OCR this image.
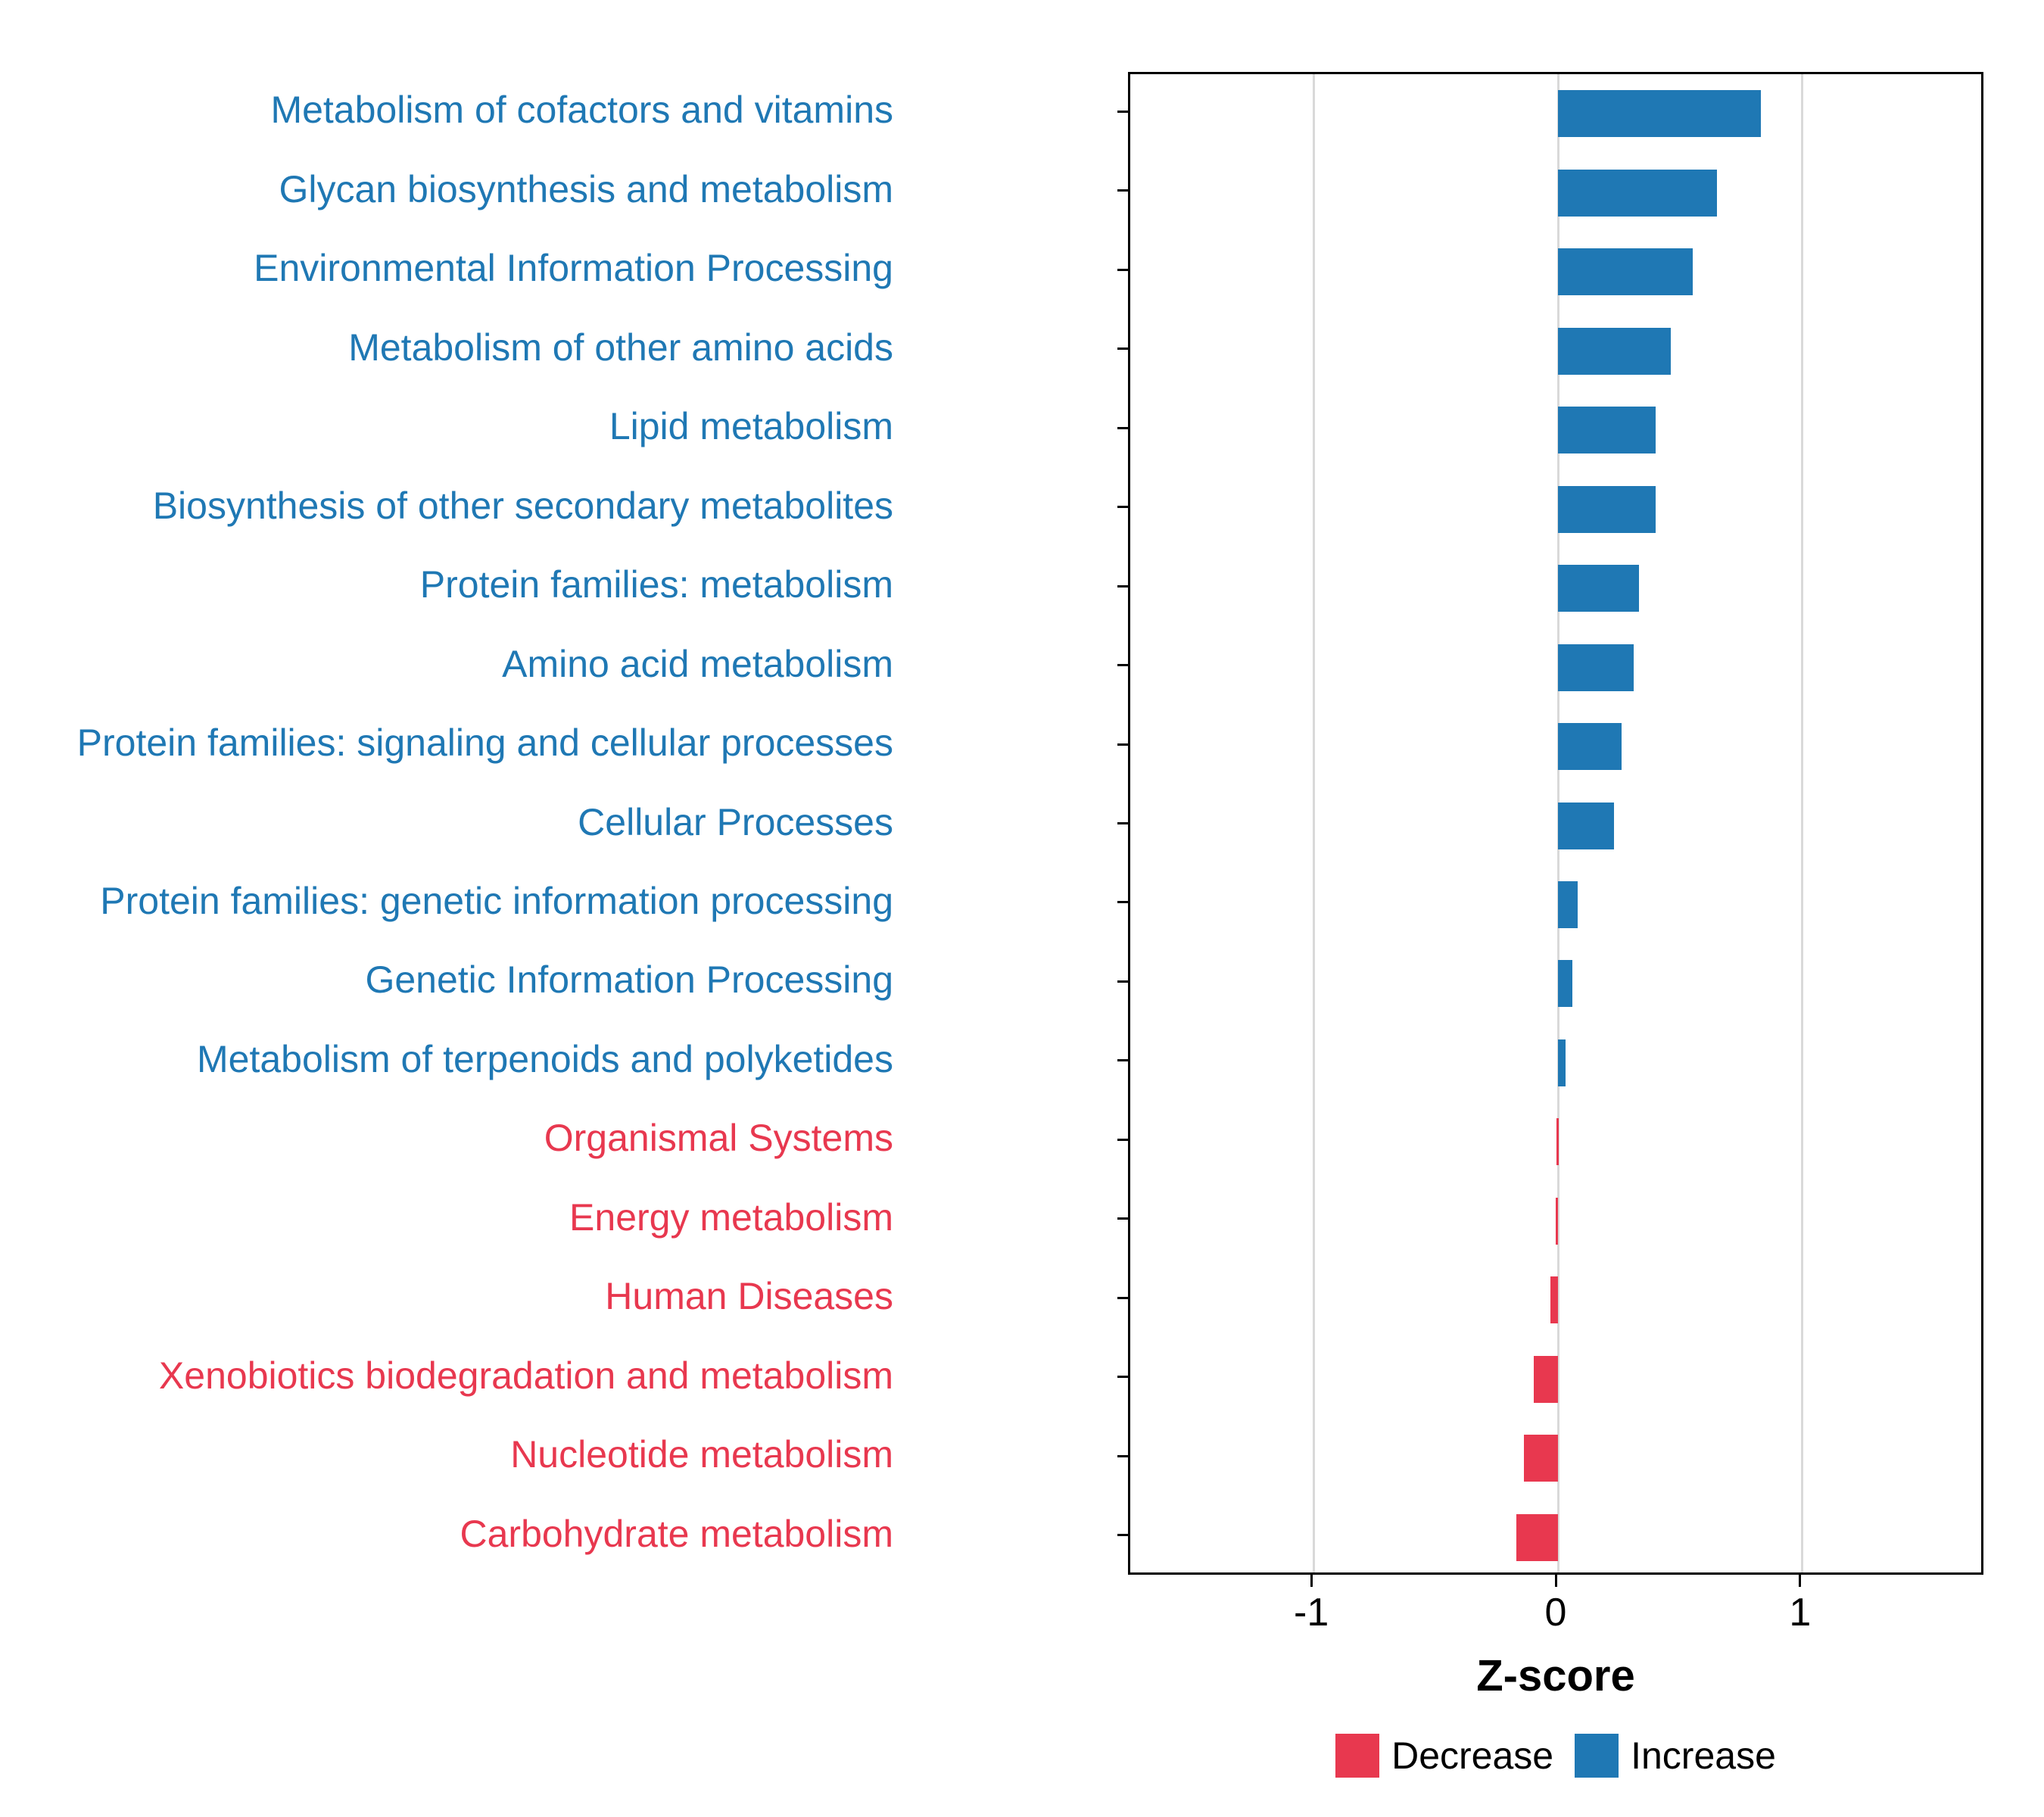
Metabolism of cofactors and vitamins
Glycan biosynthesis and metabolism
Environmental Information Processing
Metabolism of other amino acids
Lipid metabolism
Biosynthesis of other secondary metabolites
Protein families: metabolism
Amino acid metabolism
Protein families: signaling and cellular processes
Cellular Processes
Protein families: genetic information processing
Genetic Information Processing
Metabolism of terpenoids and polyketides
Organismal Systems
Energy metabolism
Human Diseases
Xenobiotics biodegradation and metabolism
Nucleotide metabolism
Carbohydrate metabolism
-1	0	1
Z-score
Decrease Increase
